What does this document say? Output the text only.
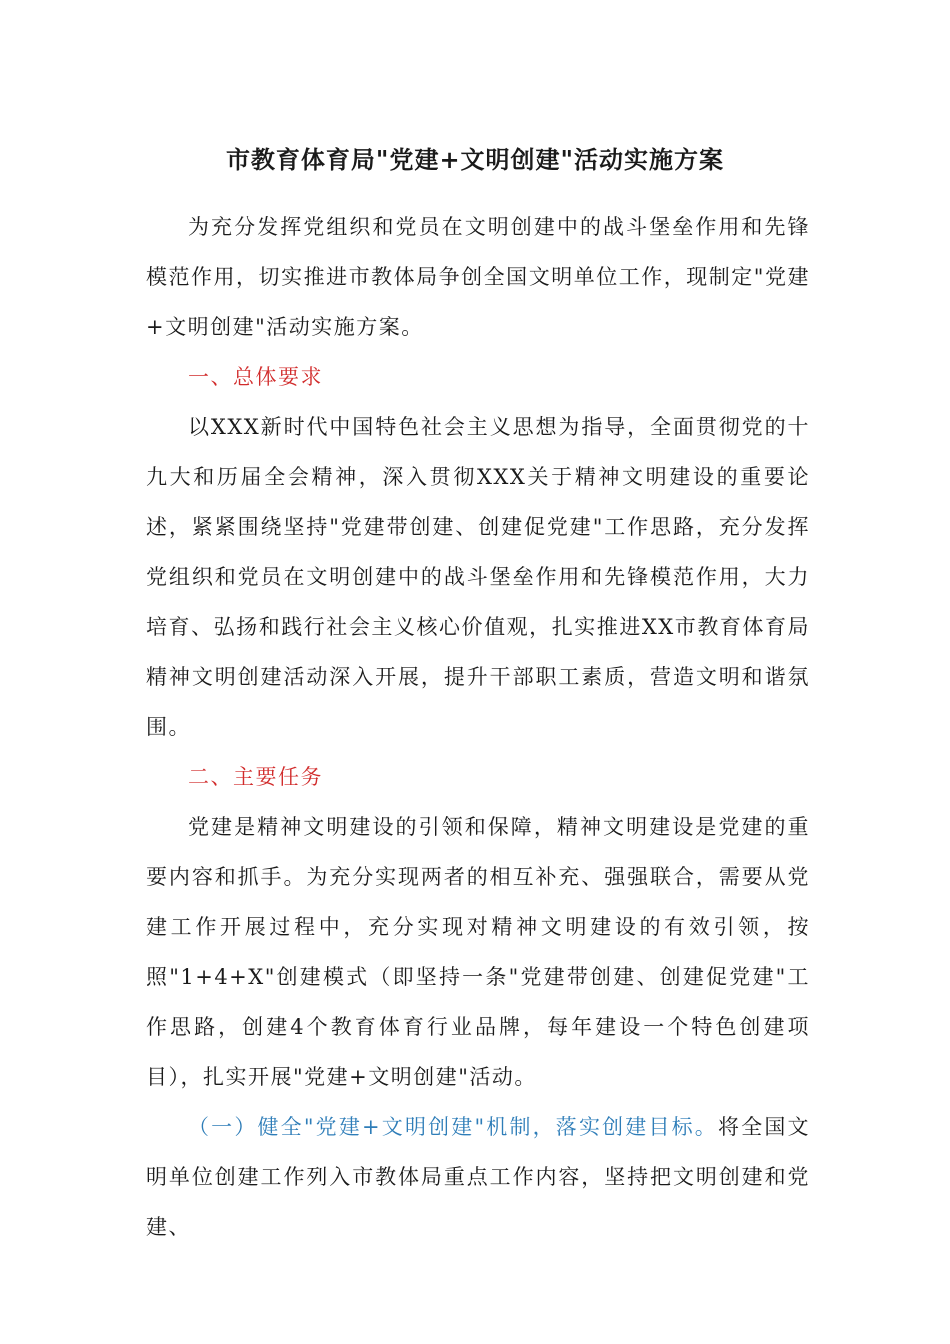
市教育体育局"党建+文明创建"活动实施方案

为充分发挥党组织和党员在文明创建中的战斗堡垒作用和先锋模范作用，切实推进市教体局争创全国文明单位工作，现制定"党建+文明创建"活动实施方案。

一、总体要求

以XXX新时代中国特色社会主义思想为指导，全面贯彻党的十九大和历届全会精神，深入贯彻XXX关于精神文明建设的重要论述，紧紧围绕坚持"党建带创建、创建促党建"工作思路，充分发挥党组织和党员在文明创建中的战斗堡垒作用和先锋模范作用，大力培育、弘扬和践行社会主义核心价值观，扎实推进XX市教育体育局精神文明创建活动深入开展，提升干部职工素质，营造文明和谐氛围。

二、主要任务

党建是精神文明建设的引领和保障，精神文明建设是党建的重要内容和抓手。为充分实现两者的相互补充、强强联合，需要从党建工作开展过程中，充分实现对精神文明建设的有效引领，按照"1+4+X"创建模式（即坚持一条"党建带创建、创建促党建"工作思路，创建4个教育体育行业品牌，每年建设一个特色创建项目），扎实开展"党建+文明创建"活动。

（一）健全"党建+文明创建"机制，落实创建目标。将全国文明单位创建工作列入市教体局重点工作内容，坚持把文明创建和党建、
